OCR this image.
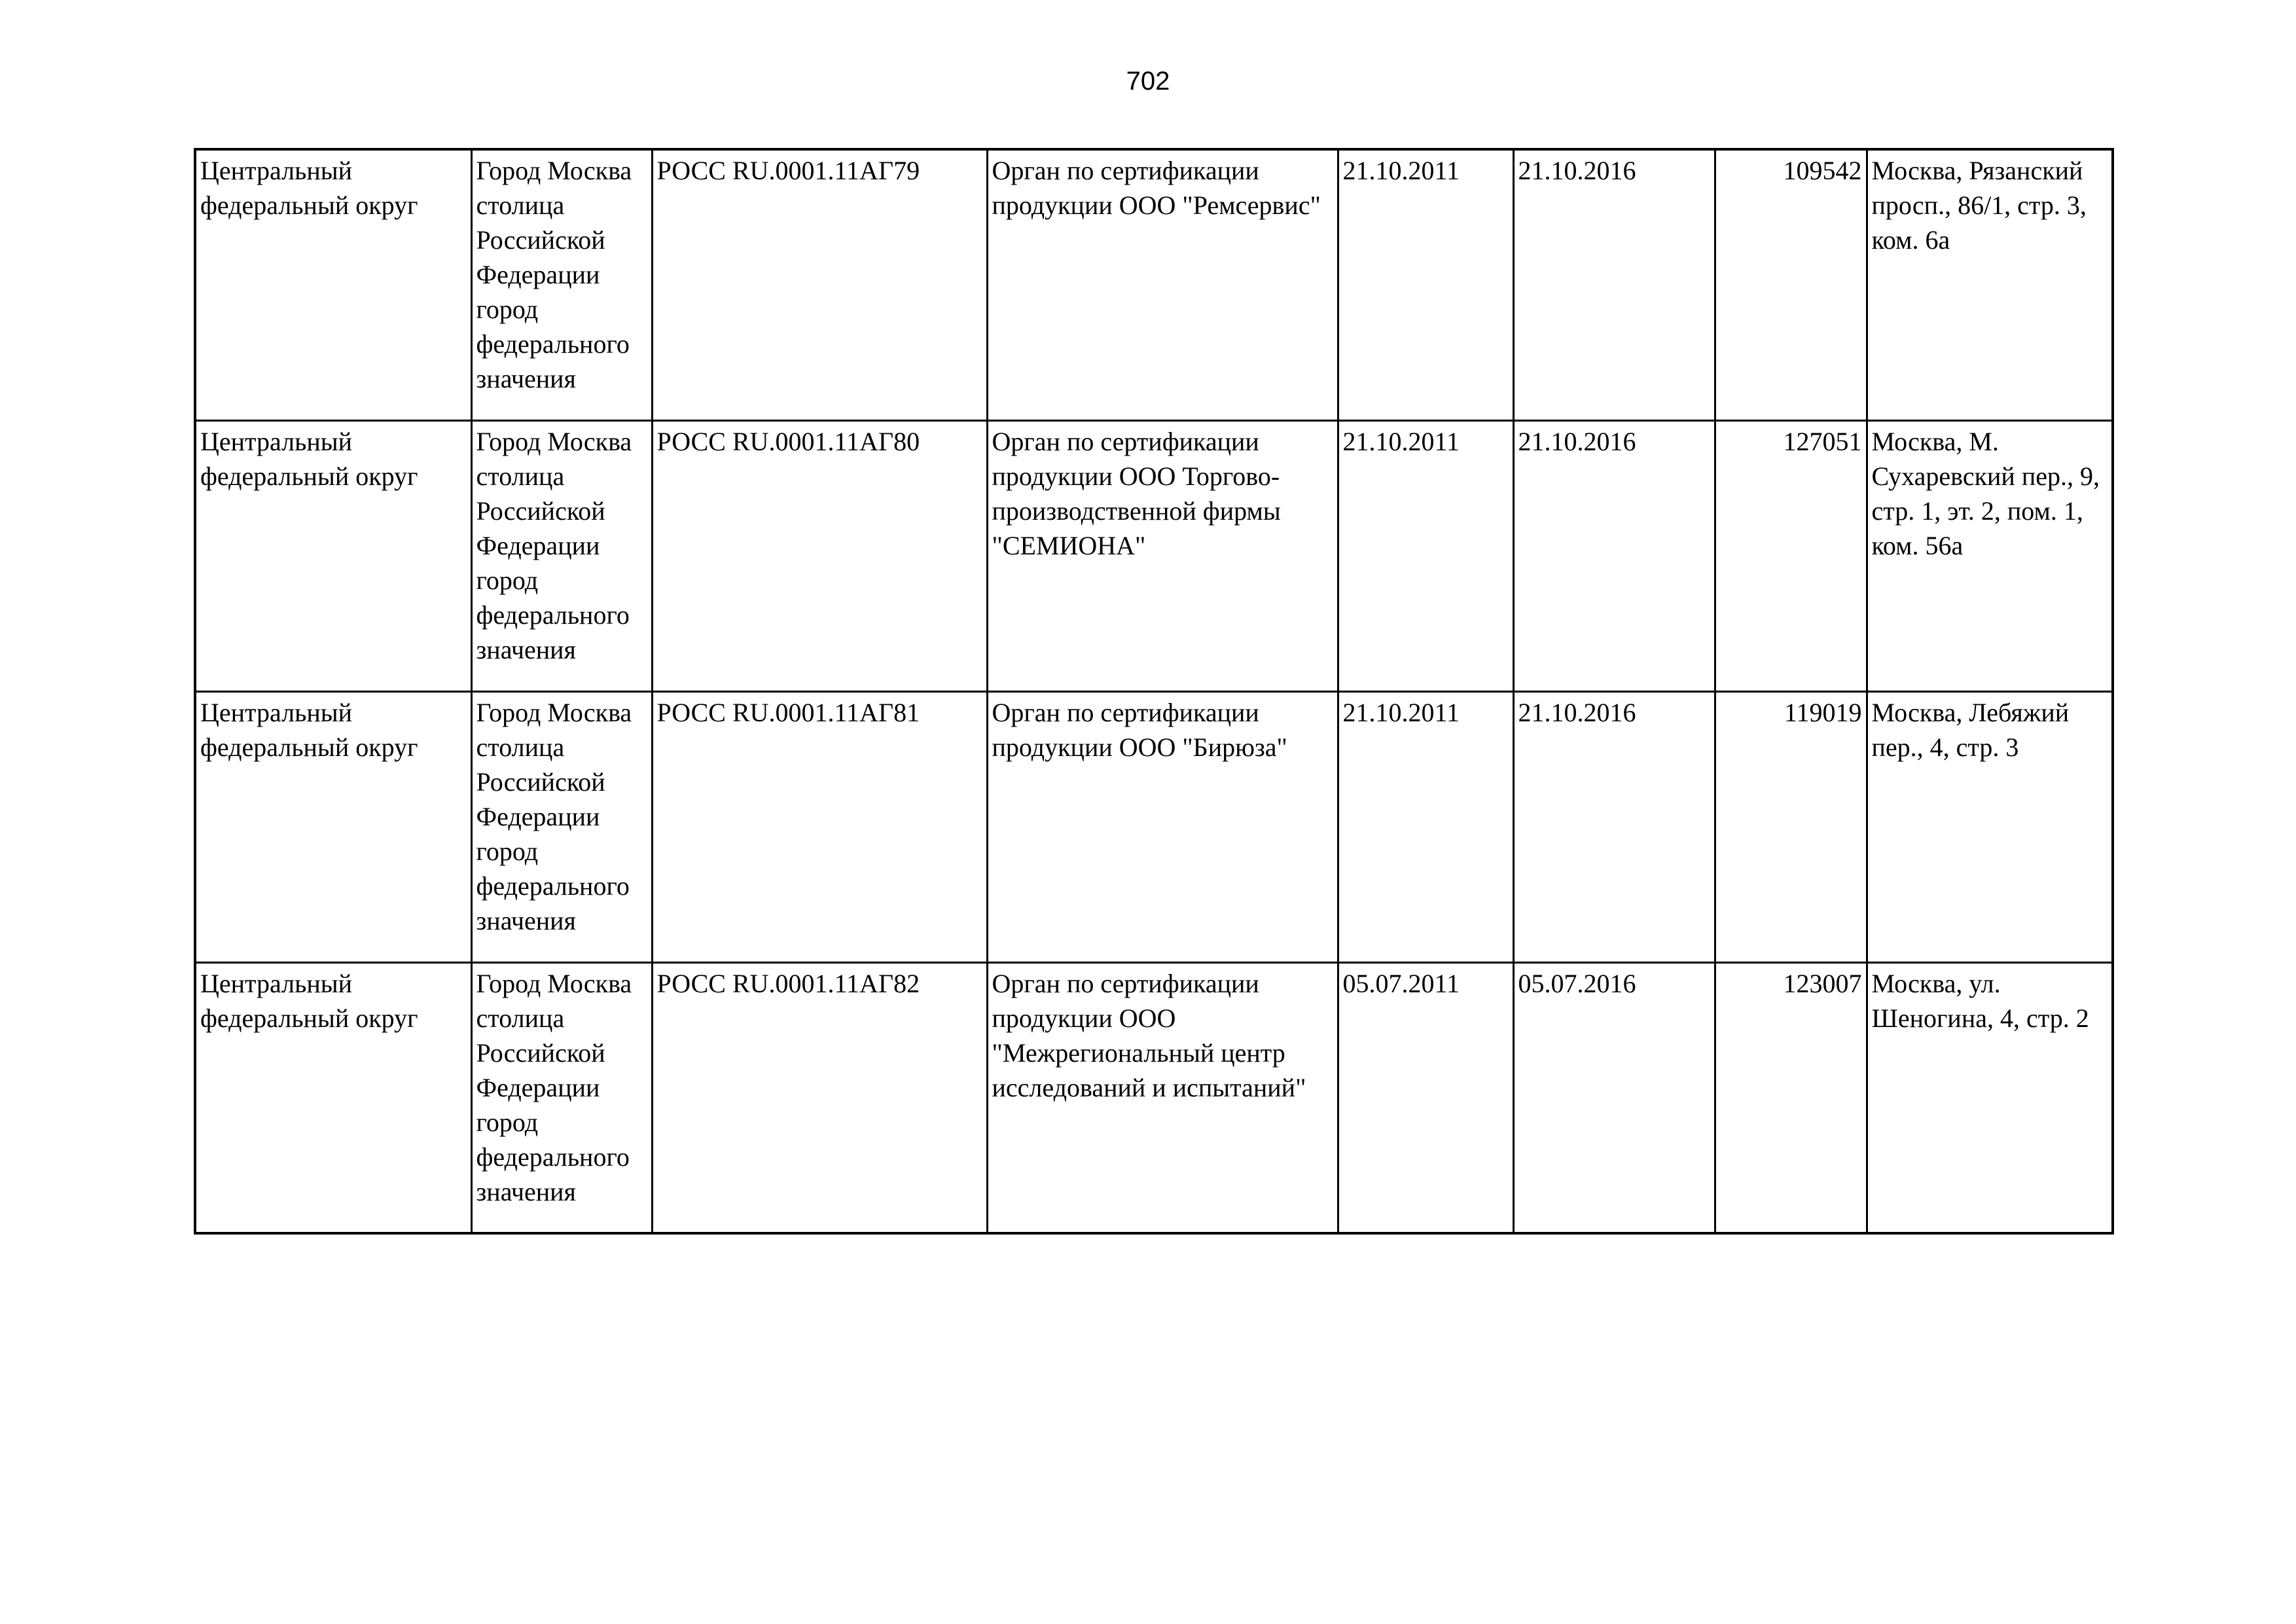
702
Центральный федеральный округ	Город Москва столица Российской Федерации город федерального значения	РОСС RU.0001.11АГ79	Орган по сертификации продукции ООО "Ремсервис"	21.10.2011	21.10.2016	109542	Москва, Рязанский просп., 86/1, стр. 3, ком. 6а

Центральный федеральный округ	Город Москва столица Российской Федерации город федерального значения	РОСС RU.0001.11АГ80	Орган по сертификации продукции ООО Торгово-производственной фирмы "СЕМИОНА"	21.10.2011	21.10.2016	127051	Москва, М. Сухаревский пер., 9, стр. 1, эт. 2, пом. 1, ком. 56а

Центральный федеральный округ	Город Москва столица Российской Федерации город федерального значения	РОСС RU.0001.11АГ81	Орган по сертификации продукции ООО "Бирюза"	21.10.2011	21.10.2016	119019	Москва, Лебяжий пер., 4, стр. 3

Центральный федеральный округ	Город Москва столица Российской Федерации город федерального значения	РОСС RU.0001.11АГ82	Орган по сертификации продукции ООО "Межрегиональный центр исследований и испытаний"	05.07.2011	05.07.2016	123007	Москва, ул. Шеногина, 4, стр. 2
